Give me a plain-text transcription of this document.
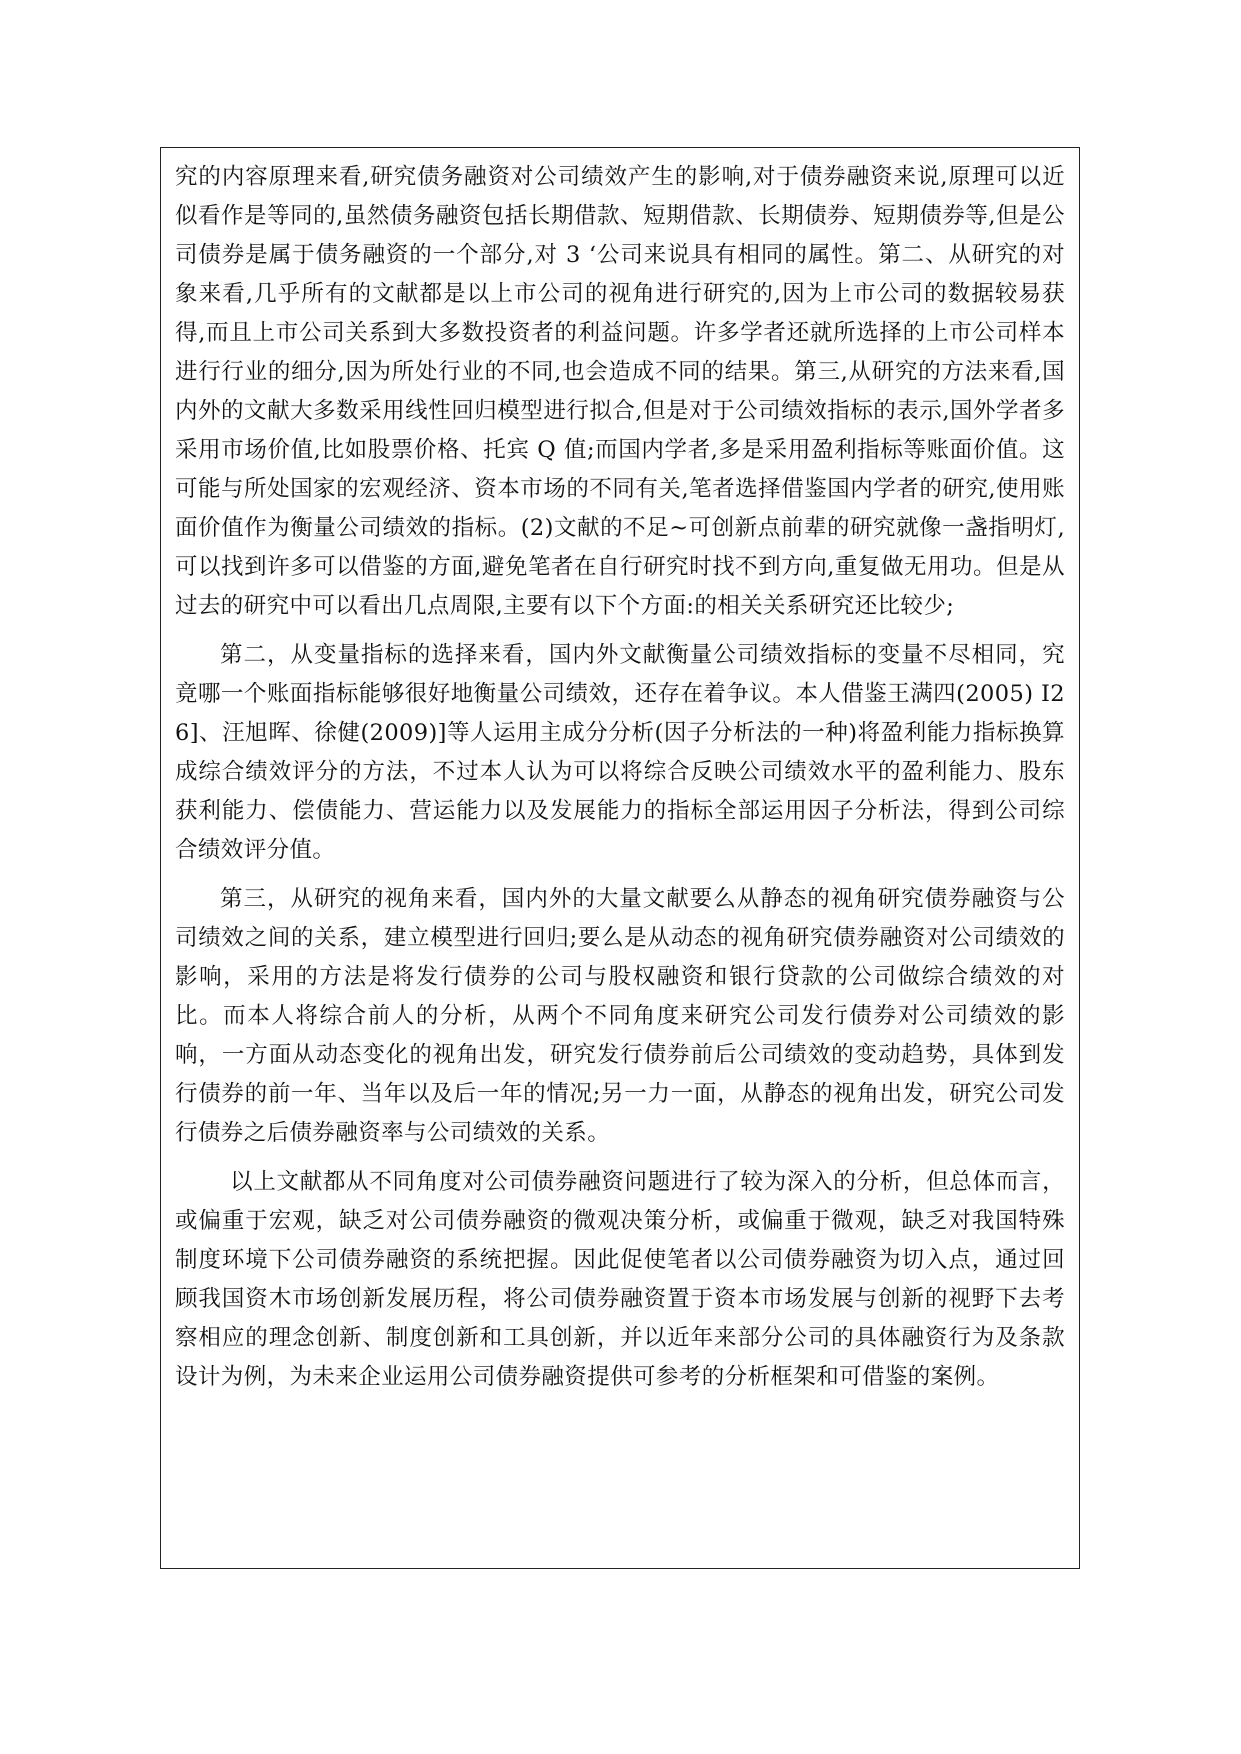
究的内容原理来看,研究债务融资对公司绩效产生的影响,对于债券融资来说,原理可以近似看作是等同的,虽然债务融资包括长期借款、短期借款、长期债券、短期债券等,但是公司债券是属于债务融资的一个部分,对 3 ‘公司来说具有相同的属性。第二、从研究的对象来看,几乎所有的文献都是以上市公司的视角进行研究的,因为上市公司的数据较易获得,而且上市公司关系到大多数投资者的利益问题。许多学者还就所选择的上市公司样本进行行业的细分,因为所处行业的不同,也会造成不同的结果。第三,从研究的方法来看,国内外的文献大多数采用线性回归模型进行拟合,但是对于公司绩效指标的表示,国外学者多采用市场价值,比如股票价格、托宾 Q 值;而国内学者,多是采用盈利指标等账面价值。这可能与所处国家的宏观经济、资本市场的不同有关,笔者选择借鉴国内学者的研究,使用账面价值作为衡量公司绩效的指标。(2)文献的不足~可创新点前辈的研究就像一盏指明灯,可以找到许多可以借鉴的方面,避免笔者在自行研究时找不到方向,重复做无用功。但是从过去的研究中可以看出几点周限,主要有以下个方面:的相关关系研究还比较少;

第二，从变量指标的选择来看，国内外文献衡量公司绩效指标的变量不尽相同，究竟哪一个账面指标能够很好地衡量公司绩效，还存在着争议。本人借鉴王满四(2005) I26]、汪旭晖、徐健(2009)]等人运用主成分分析(因子分析法的一种)将盈利能力指标换算成综合绩效评分的方法，不过本人认为可以将综合反映公司绩效水平的盈利能力、股东获利能力、偿债能力、营运能力以及发展能力的指标全部运用因子分析法，得到公司综合绩效评分值。

第三，从研究的视角来看，国内外的大量文献要么从静态的视角研究债券融资与公司绩效之间的关系，建立模型进行回归;要么是从动态的视角研究债券融资对公司绩效的影响，采用的方法是将发行债券的公司与股权融资和银行贷款的公司做综合绩效的对比。而本人将综合前人的分析，从两个不同角度来研究公司发行债券对公司绩效的影响，一方面从动态变化的视角出发，研究发行债券前后公司绩效的变动趋势，具体到发行债券的前一年、当年以及后一年的情况;另一力一面，从静态的视角出发，研究公司发行债券之后债券融资率与公司绩效的关系。

以上文献都从不同角度对公司债券融资问题进行了较为深入的分析，但总体而言，或偏重于宏观，缺乏对公司债券融资的微观决策分析，或偏重于微观，缺乏对我国特殊制度环境下公司债券融资的系统把握。因此促使笔者以公司债券融资为切入点，通过回顾我国资木市场创新发展历程，将公司债券融资置于资本市场发展与创新的视野下去考察相应的理念创新、制度创新和工具创新，并以近年来部分公司的具体融资行为及条款设计为例，为未来企业运用公司债券融资提供可参考的分析框架和可借鉴的案例。
